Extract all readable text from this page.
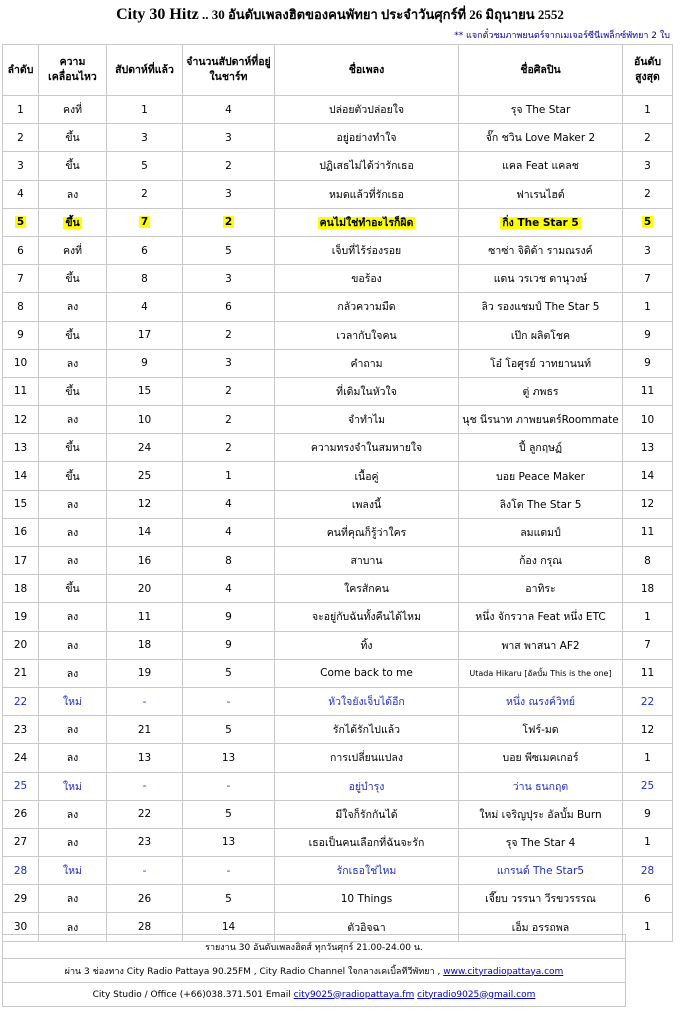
City 30 Hitz .. 30 อันดับเพลงฮิตของคนพัทยา ประจำวันศุกร์ที่ 26 มิถุนายน 2552
** แจกตั๋วชมภาพยนตร์จากเมเจอร์ซีนีเพล็กซ์พัทยา 2 ใบ
ลำดับ	ความเคลื่อนไหว	สัปดาห์ที่แล้ว	จำนวนสัปดาห์ที่อยู่ในชาร์ท	ชื่อเพลง	ชื่อศิลปิน	อันดับสูงสุด
1	คงที่	1	4	ปล่อยตัวปล่อยใจ	รุจ The Star	1
2	ขึ้น	3	3	อยู่อย่างทำใจ	จั๊ก ชวิน Love Maker 2	2
3	ขึ้น	5	2	ปฏิเสธไม่ได้ว่ารักเธอ	แคล Feat แคลช	3
4	ลง	2	3	หมดแล้วที่รักเธอ	ฟาเรนไฮต์	2
5	ขึ้น	7	2	คนไม่ใช่ทำอะไรก็ผิด	กิ่ง The Star 5	5
6	คงที่	6	5	เจ็บที่ไร้ร่องรอย	ซาซ่า จิดิด้า รามณรงค์	3
7	ขึ้น	8	3	ขอร้อง	แดน วรเวช ดานุวงษ์	7
8	ลง	4	6	กลัวความมืด	ลิว รองแชมป์ The Star 5	1
9	ขึ้น	17	2	เวลากับใจคน	เป๊ก ผลิตโชค	9
10	ลง	9	3	คำถาม	โอ๋ โอศูรย์ วาทยานนท์	9
11	ขึ้น	15	2	ที่เดิมในหัวใจ	ตู่ ภพธร	11
12	ลง	10	2	จำทำไม	นุช นีรนาท ภาพยนตร์Roommate	10
13	ขึ้น	24	2	ความทรงจำในสมหายใจ	ปี้ ลูกฤษฏ์	13
14	ขึ้น	25	1	เนื้อคู่	บอย Peace Maker	14
15	ลง	12	4	เพลงนี้	ลิงโต The Star 5	12
16	ลง	14	4	คนที่คุณก็รู้ว่าใคร	ลมแดมป์	11
17	ลง	16	8	สาบาน	ก้อง กรุณ	8
18	ขึ้น	20	4	ใครสักคน	อาทิระ	18
19	ลง	11	9	จะอยู่กับฉันทั้งคืนได้ไหม	หนึ่ง จักรวาล Feat หนึ่ง ETC	1
20	ลง	18	9	ทิ้ง	พาส พาสนา AF2	7
21	ลง	19	5	Come back to me	Utada Hikaru [อัลบั้ม This is the one]	11
22	ใหม่	-	-	หัวใจยังเจ็บได้อีก	หนึ่ง ณรงค์วิทย์	22
23	ลง	21	5	รักได้รักไปแล้ว	โฟร์-มด	12
24	ลง	13	13	การเปลี่ยนแปลง	บอย พีซเมคเกอร์	1
25	ใหม่	-	-	อยู่บำรุง	ว่าน ธนกฤต	25
26	ลง	22	5	มีใจก็รักกันได้	ใหม่ เจริญปุระ อัลบั้ม Burn	9
27	ลง	23	13	เธอเป็นคนเลือกที่ฉันจะรัก	รุจ The Star 4	1
28	ใหม่	-	-	รักเธอใช่ไหม	แกรนด์ The Star5	28
29	ลง	26	5	10 Things	เจี๊ยบ วรรนา วีรขวรรรณ	6
30	ลง	28	14	ตัวอิจฉา	เอ็ม อรรถพล	1
รายงาน 30 อันดับเพลงฮิตส์ ทุกวันศุกร์ 21.00-24.00 น.
ผ่าน 3 ช่องทาง City Radio Pattaya 90.25FM , City Radio Channel ใจกลางเคเบิ้ลทีวีพัทยา , www.cityradiopattaya.com
City Studio / Office (+66)038.371.501 Email city9025@radiopattaya.fm cityradio9025@gmail.com
